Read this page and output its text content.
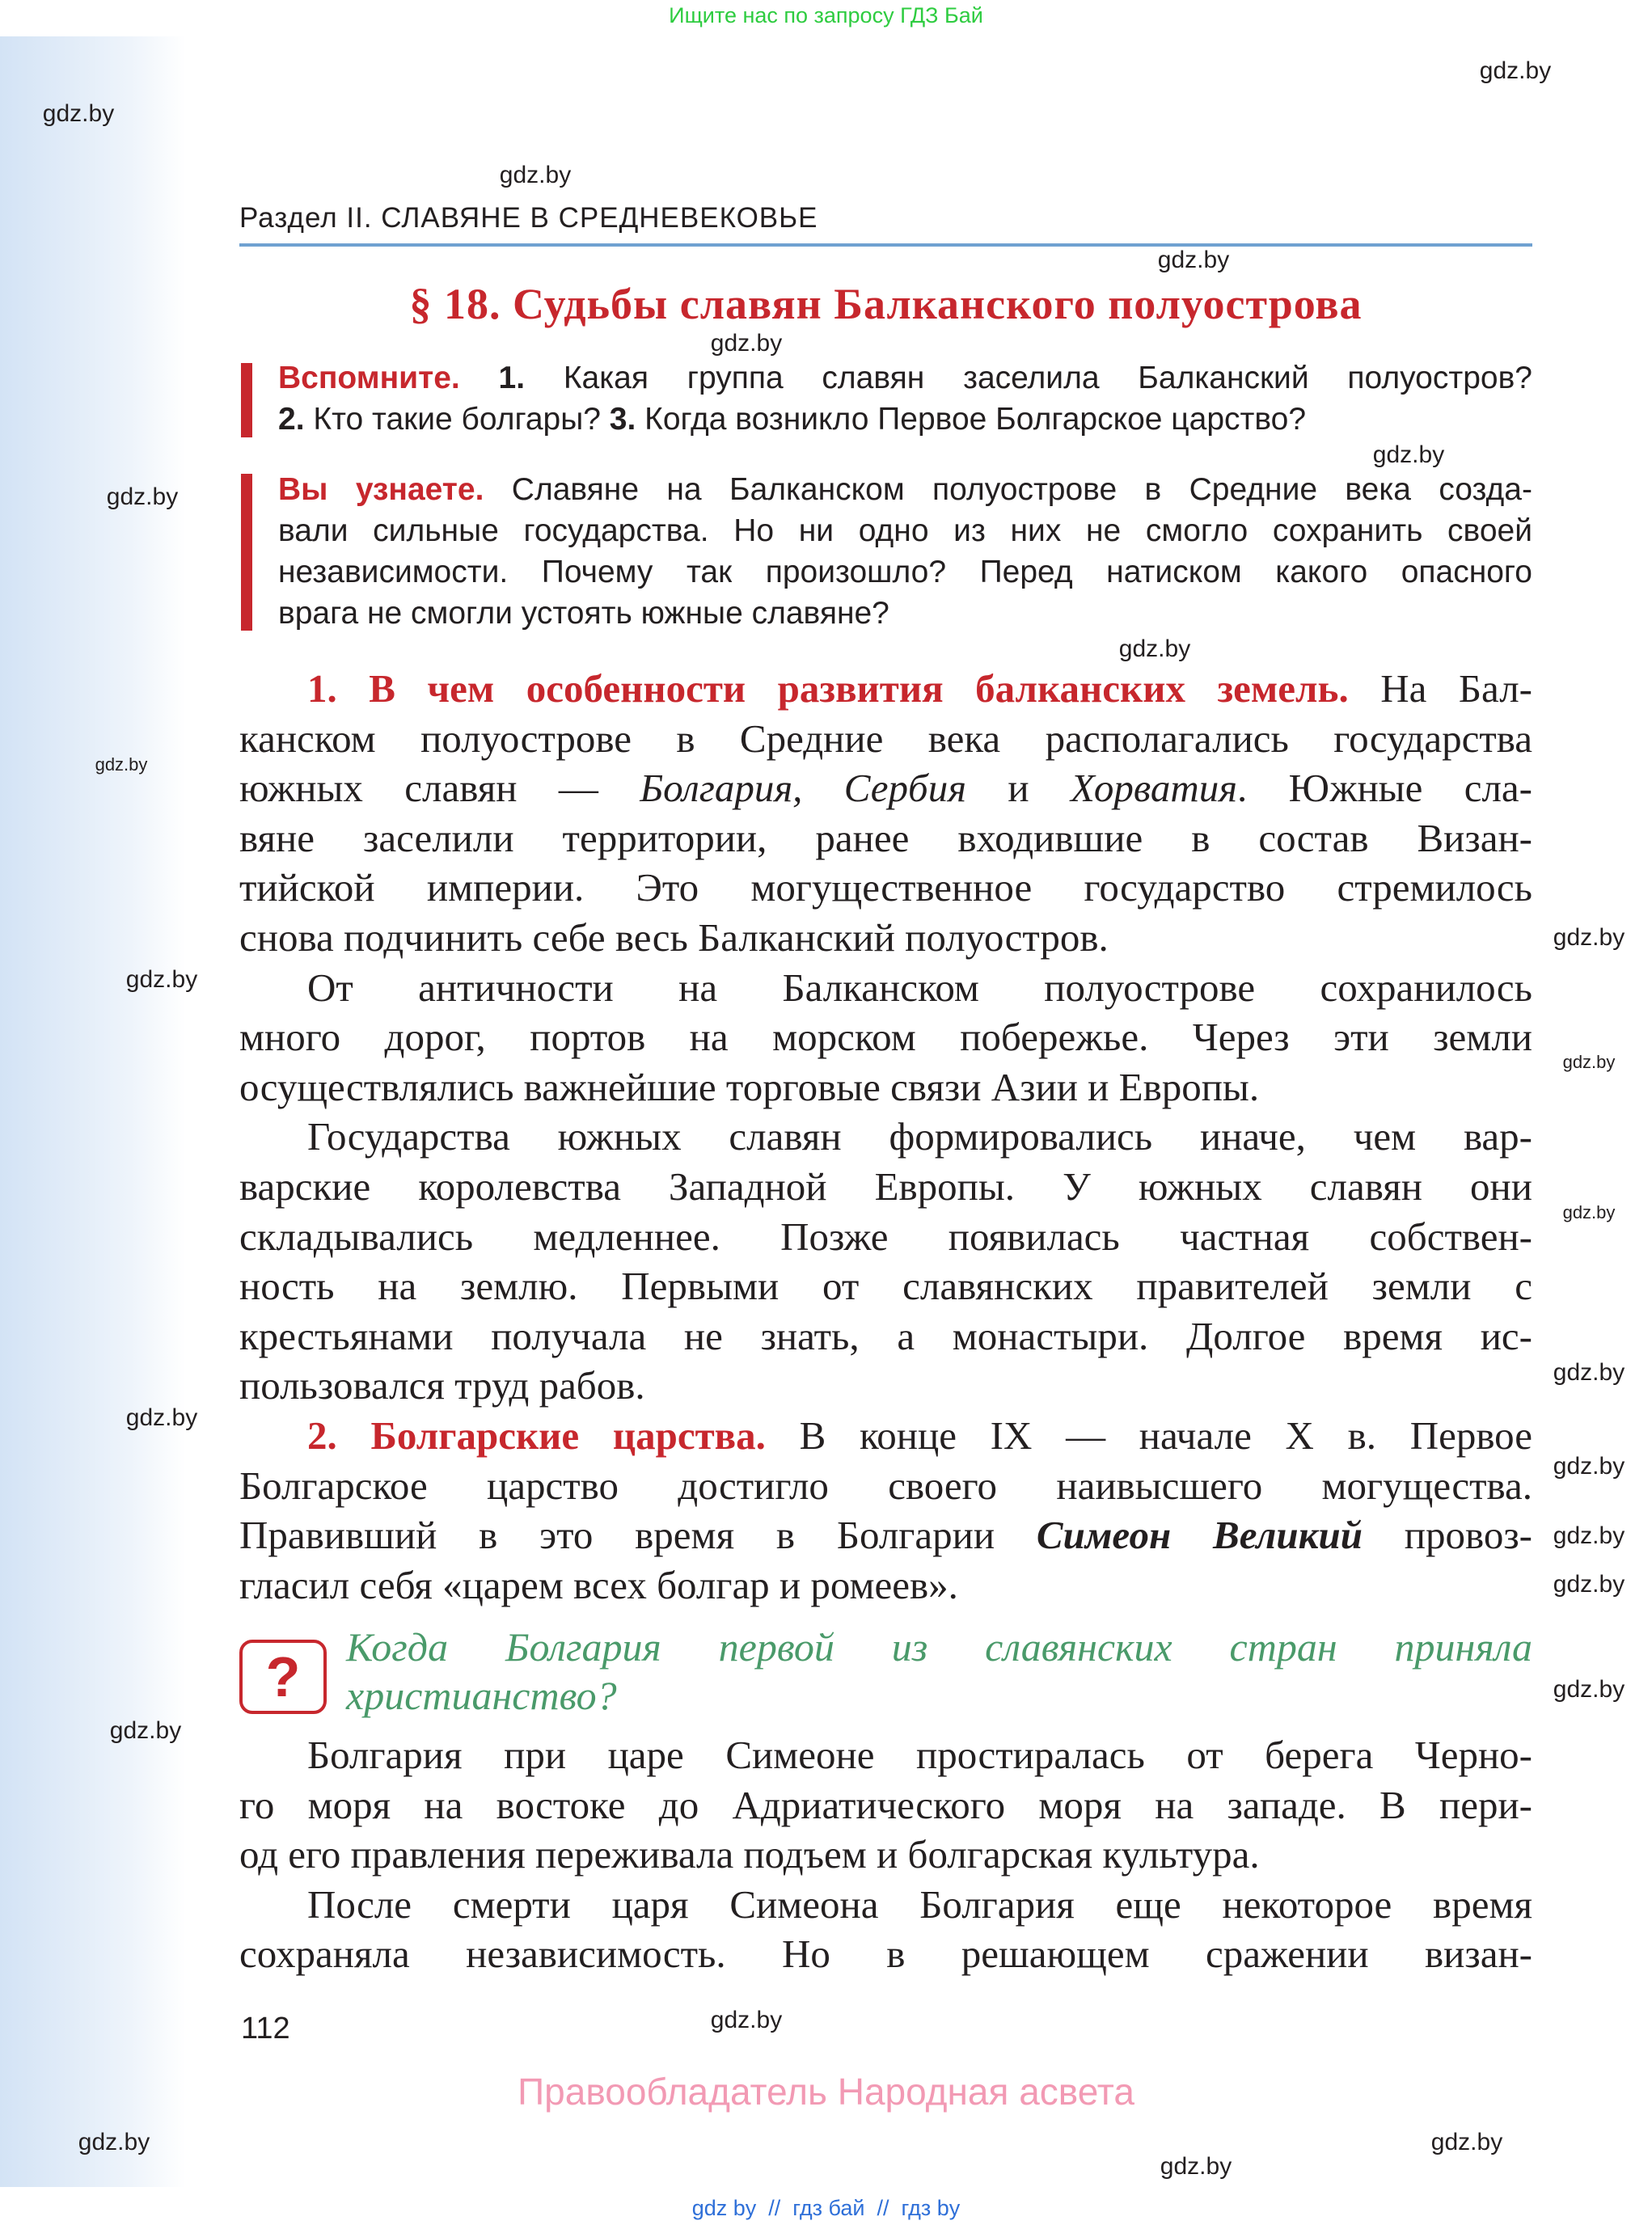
Ищите нас по запросу ГДЗ Бай
Раздел II. СЛАВЯНЕ В СРЕДНЕВЕКОВЬЕ
§ 18. Судьбы славян Балканского полуострова
Вспомните. 1. Какая группа славян заселила Балканский полуостров?
2. Кто такие болгары? 3. Когда возникло Первое Болгарское царство?
Вы узнаете. Славяне на Балканском полуострове в Средние века созда-
вали сильные государства. Но ни одно из них не смогло сохранить своей
независимости. Почему так произошло? Перед натиском какого опасного
врага не смогли устоять южные славяне?
1. В чем особенности развития балканских земель. На Бал-
канском полуострове в Средние века располагались государства
южных славян — Болгария, Сербия и Хорватия. Южные сла-
вяне заселили территории, ранее входившие в состав Визан-
тийской империи. Это могущественное государство стремилось
снова подчинить себе весь Балканский полуостров.
От античности на Балканском полуострове сохранилось
много дорог, портов на морском побережье. Через эти земли
осуществлялись важнейшие торговые связи Азии и Европы.
Государства южных славян формировались иначе, чем вар-
варские королевства Западной Европы. У южных славян они
складывались медленнее. Позже появилась частная собствен-
ность на землю. Первыми от славянских правителей земли с
крестьянами получала не знать, а монастыри. Долгое время ис-
пользовался труд рабов.
2. Болгарские царства. В конце IX — начале X в. Первое
Болгарское царство достигло своего наивысшего могущества.
Правивший в это время в Болгарии Симеон Великий провоз-
гласил себя «царем всех болгар и ромеев».
?	Когда Болгария первой из славянских стран приняла
христианство?
Болгария при царе Симеоне простиралась от берега Черно-
го моря на востоке до Адриатического моря на западе. В пери-
од его правления переживала подъем и болгарская культура.
После смерти царя Симеона Болгария еще некоторое время
сохраняла независимость. Но в решающем сражении визан-
112
Правообладатель Народная асвета
gdz by  //  гдз бай  //  гдз by
gdz.by
gdz.by
gdz.by
gdz.by
gdz.by
gdz.by
gdz.by
gdz.by
gdz.by
gdz.by
gdz.by
gdz.by
gdz.by
gdz.by
gdz.by
gdz.by
gdz.by
gdz.by
gdz.by
gdz.by
gdz.by
gdz.by
gdz.by
gdz.by
